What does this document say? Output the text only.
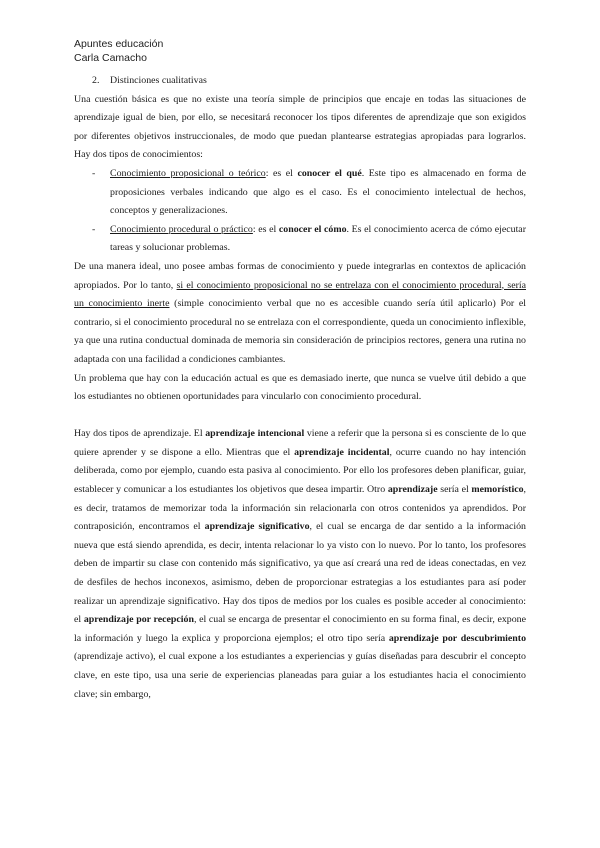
Apuntes educación
Carla Camacho

2. Distinciones cualitativas

Una cuestión básica es que no existe una teoría simple de principios que encaje en todas las situaciones de aprendizaje igual de bien, por ello, se necesitará reconocer los tipos diferentes de aprendizaje que son exigidos por diferentes objetivos instruccionales, de modo que puedan plantearse estrategias apropiadas para lograrlos. Hay dos tipos de conocimientos:

- Conocimiento proposicional o teórico: es el conocer el qué. Este tipo es almacenado en forma de proposiciones verbales indicando que algo es el caso. Es el conocimiento intelectual de hechos, conceptos y generalizaciones.
- Conocimiento procedural o práctico: es el conocer el cómo. Es el conocimiento acerca de cómo ejecutar tareas y solucionar problemas.

De una manera ideal, uno posee ambas formas de conocimiento y puede integrarlas en contextos de aplicación apropiados. Por lo tanto, si el conocimiento proposicional no se entrelaza con el conocimiento procedural, sería un conocimiento inerte (simple conocimiento verbal que no es accesible cuando sería útil aplicarlo) Por el contrario, si el conocimiento procedural no se entrelaza con el correspondiente, queda un conocimiento inflexible, ya que una rutina conductual dominada de memoria sin consideración de principios rectores, genera una rutina no adaptada con una facilidad a condiciones cambiantes.

Un problema que hay con la educación actual es que es demasiado inerte, que nunca se vuelve útil debido a que los estudiantes no obtienen oportunidades para vincularlo con conocimiento procedural.

Hay dos tipos de aprendizaje. El aprendizaje intencional viene a referir que la persona si es consciente de lo que quiere aprender y se dispone a ello. Mientras que el aprendizaje incidental, ocurre cuando no hay intención deliberada, como por ejemplo, cuando esta pasiva al conocimiento. Por ello los profesores deben planificar, guiar, establecer y comunicar a los estudiantes los objetivos que desea impartir. Otro aprendizaje sería el memorístico, es decir, tratamos de memorizar toda la información sin relacionarla con otros contenidos ya aprendidos. Por contraposición, encontramos el aprendizaje significativo, el cual se encarga de dar sentido a la información nueva que está siendo aprendida, es decir, intenta relacionar lo ya visto con lo nuevo. Por lo tanto, los profesores deben de impartir su clase con contenido más significativo, ya que así creará una red de ideas conectadas, en vez de desfiles de hechos inconexos, asimismo, deben de proporcionar estrategias a los estudiantes para así poder realizar un aprendizaje significativo. Hay dos tipos de medios por los cuales es posible acceder al conocimiento: el aprendizaje por recepción, el cual se encarga de presentar el conocimiento en su forma final, es decir, expone la información y luego la explica y proporciona ejemplos; el otro tipo sería aprendizaje por descubrimiento (aprendizaje activo), el cual expone a los estudiantes a experiencias y guías diseñadas para descubrir el concepto clave, en este tipo, usa una serie de experiencias planeadas para guiar a los estudiantes hacia el conocimiento clave; sin embargo,
